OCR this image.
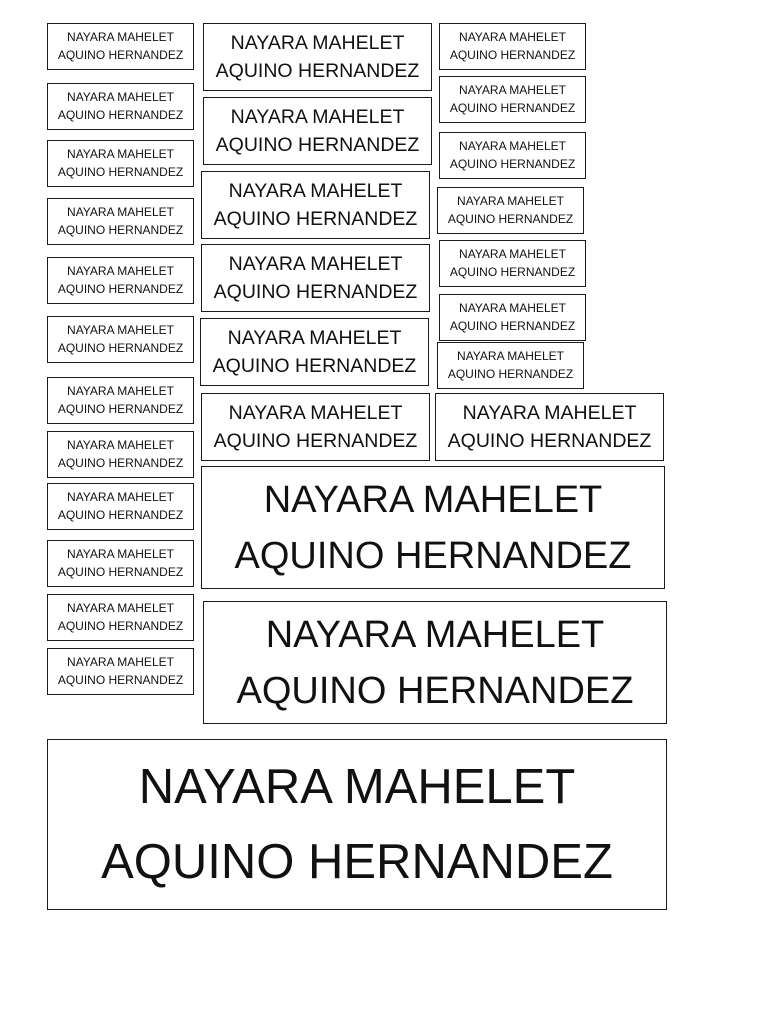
NAYARA MAHELET
AQUINO HERNANDEZ
NAYARA MAHELET
AQUINO HERNANDEZ
NAYARA MAHELET
AQUINO HERNANDEZ
NAYARA MAHELET
AQUINO HERNANDEZ
NAYARA MAHELET
AQUINO HERNANDEZ
NAYARA MAHELET
AQUINO HERNANDEZ
NAYARA MAHELET
AQUINO HERNANDEZ
NAYARA MAHELET
AQUINO HERNANDEZ
NAYARA MAHELET
AQUINO HERNANDEZ
NAYARA MAHELET
AQUINO HERNANDEZ
NAYARA MAHELET
AQUINO HERNANDEZ
NAYARA MAHELET
AQUINO HERNANDEZ
NAYARA MAHELET
AQUINO HERNANDEZ
NAYARA MAHELET
AQUINO HERNANDEZ
NAYARA MAHELET
AQUINO HERNANDEZ
NAYARA MAHELET
AQUINO HERNANDEZ
NAYARA MAHELET
AQUINO HERNANDEZ
NAYARA MAHELET
AQUINO HERNANDEZ
NAYARA MAHELET
AQUINO HERNANDEZ
NAYARA MAHELET
AQUINO HERNANDEZ
NAYARA MAHELET
AQUINO HERNANDEZ
NAYARA MAHELET
AQUINO HERNANDEZ
NAYARA MAHELET
AQUINO HERNANDEZ
NAYARA MAHELET
AQUINO HERNANDEZ
NAYARA MAHELET
AQUINO HERNANDEZ
NAYARA MAHELET
AQUINO HERNANDEZ
NAYARA MAHELET
AQUINO HERNANDEZ
NAYARA MAHELET
AQUINO HERNANDEZ
NAYARA MAHELET
AQUINO HERNANDEZ
